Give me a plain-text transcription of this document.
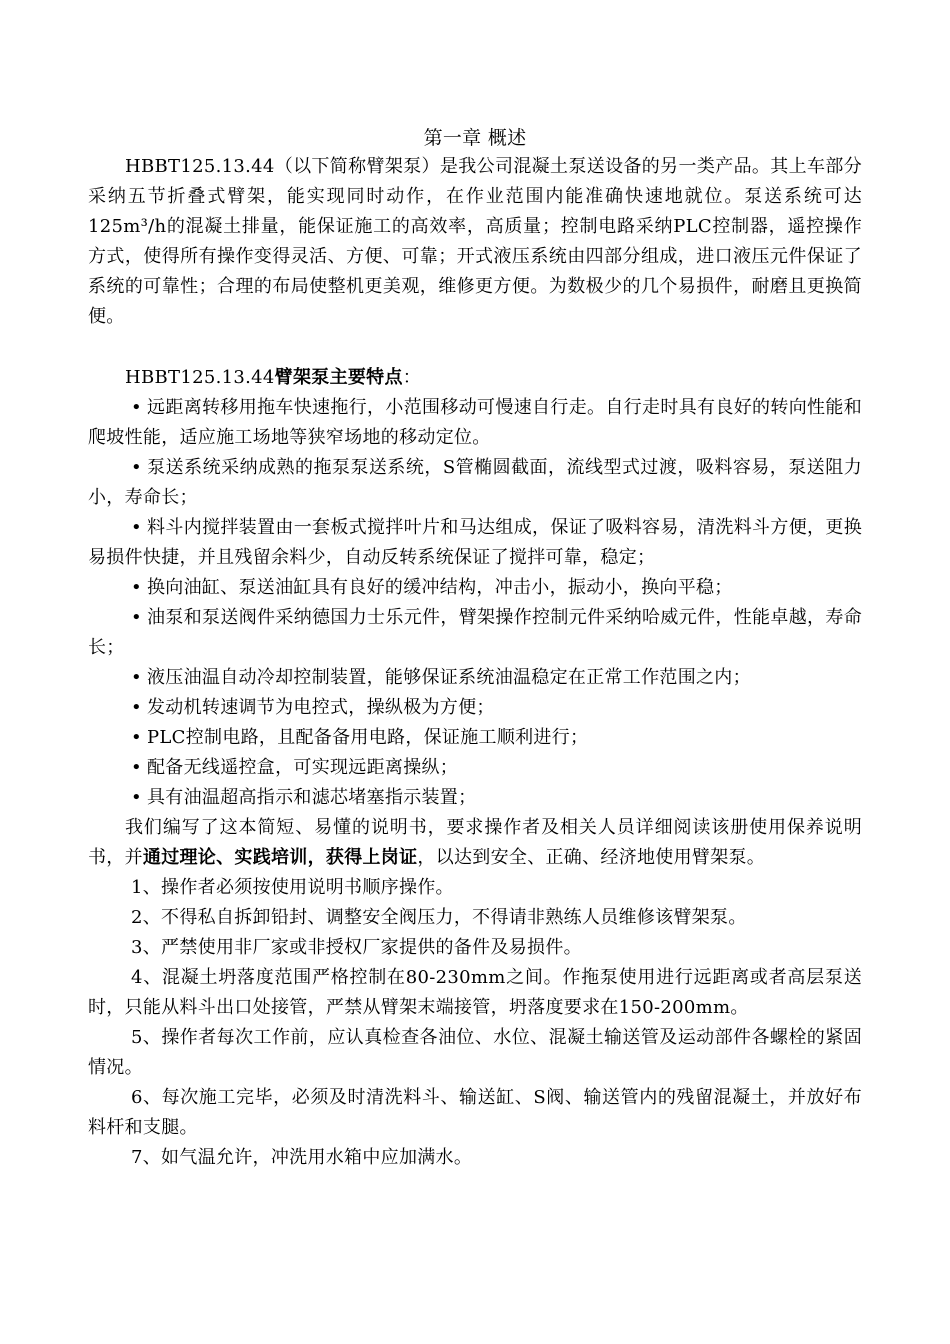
第一章 概述

HBBT125.13.44（以下简称臂架泵）是我公司混凝土泵送设备的另一类产品。其上车部分采纳五节折叠式臂架，能实现同时动作，在作业范围内能准确快速地就位。泵送系统可达125m³/h的混凝土排量，能保证施工的高效率，高质量；控制电路采纳PLC控制器，遥控操作方式，使得所有操作变得灵活、方便、可靠；开式液压系统由四部分组成，进口液压元件保证了系统的可靠性；合理的布局使整机更美观，维修更方便。为数极少的几个易损件，耐磨且更换简便。

HBBT125.13.44臂架泵主要特点：

• 远距离转移用拖车快速拖行，小范围移动可慢速自行走。自行走时具有良好的转向性能和爬坡性能，适应施工场地等狭窄场地的移动定位。

• 泵送系统采纳成熟的拖泵泵送系统，S管椭圆截面，流线型式过渡，吸料容易，泵送阻力小，寿命长；

• 料斗内搅拌装置由一套板式搅拌叶片和马达组成，保证了吸料容易，清洗料斗方便，更换易损件快捷，并且残留余料少，自动反转系统保证了搅拌可靠，稳定；

• 换向油缸、泵送油缸具有良好的缓冲结构，冲击小，振动小，换向平稳；

• 油泵和泵送阀件采纳德国力士乐元件，臂架操作控制元件采纳哈威元件，性能卓越，寿命长；

• 液压油温自动冷却控制装置，能够保证系统油温稳定在正常工作范围之内；

• 发动机转速调节为电控式，操纵极为方便；

• PLC控制电路，且配备备用电路，保证施工顺利进行；

• 配备无线遥控盒，可实现远距离操纵；

• 具有油温超高指示和滤芯堵塞指示装置；

我们编写了这本简短、易懂的说明书，要求操作者及相关人员详细阅读该册使用保养说明书，并通过理论、实践培训，获得上岗证，以达到安全、正确、经济地使用臂架泵。

1、操作者必须按使用说明书顺序操作。

2、不得私自拆卸铅封、调整安全阀压力，不得请非熟练人员维修该臂架泵。

3、严禁使用非厂家或非授权厂家提供的备件及易损件。

4、混凝土坍落度范围严格控制在80-230mm之间。作拖泵使用进行远距离或者高层泵送时，只能从料斗出口处接管，严禁从臂架末端接管，坍落度要求在150-200mm。

5、操作者每次工作前，应认真检查各油位、水位、混凝土输送管及运动部件各螺栓的紧固情况。

6、每次施工完毕，必须及时清洗料斗、输送缸、S阀、输送管内的残留混凝土，并放好布料杆和支腿。

7、如气温允许，冲洗用水箱中应加满水。
